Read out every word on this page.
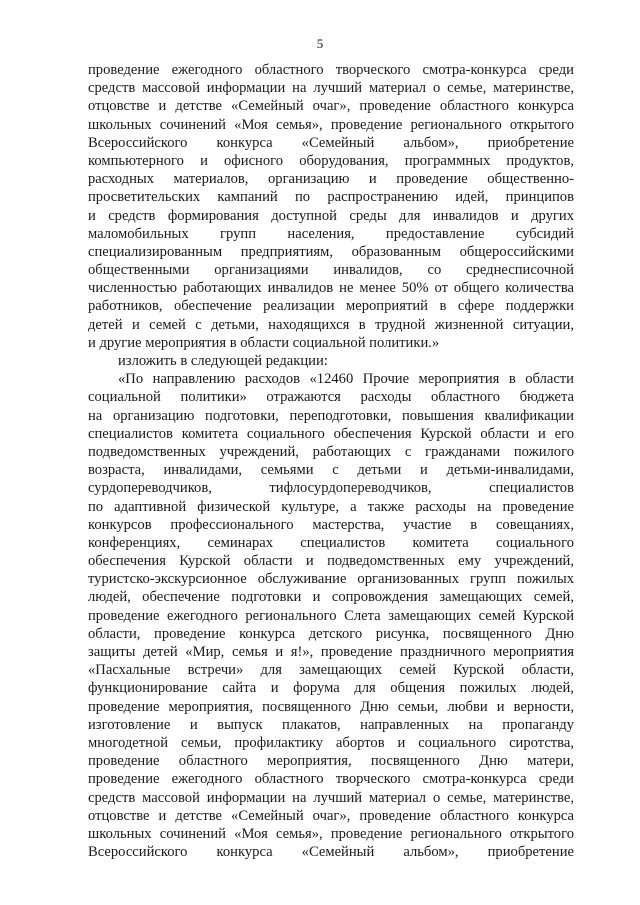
5
проведение ежегодного областного творческого смотра-конкурса среди
средств массовой информации на лучший материал о семье, материнстве,
отцовстве и детстве «Семейный очаг», проведение областного конкурса
школьных сочинений «Моя семья», проведение регионального открытого
Всероссийского конкурса «Семейный альбом», приобретение
компьютерного и офисного оборудования, программных продуктов,
расходных материалов, организацию и проведение общественно-
просветительских кампаний по распространению идей, принципов
и средств формирования доступной среды для инвалидов и других
маломобильных групп населения, предоставление субсидий
специализированным предприятиям, образованным общероссийскими
общественными организациями инвалидов, со среднесписочной
численностью работающих инвалидов не менее 50% от общего количества
работников, обеспечение реализации мероприятий в сфере поддержки
детей и семей с детьми, находящихся в трудной жизненной ситуации,
и другие мероприятия в области социальной политики.»
изложить в следующей редакции:
«По направлению расходов «12460 Прочие мероприятия в области
социальной политики» отражаются расходы областного бюджета
на организацию подготовки, переподготовки, повышения квалификации
специалистов комитета социального обеспечения Курской области и его
подведомственных учреждений, работающих с гражданами пожилого
возраста, инвалидами, семьями с детьми и детьми-инвалидами,
сурдопереводчиков, тифлосурдопереводчиков, специалистов
по адаптивной физической культуре, а также расходы на проведение
конкурсов профессионального мастерства, участие в совещаниях,
конференциях, семинарах специалистов комитета социального
обеспечения Курской области и подведомственных ему учреждений,
туристско-экскурсионное обслуживание организованных групп пожилых
людей, обеспечение подготовки и сопровождения замещающих семей,
проведение ежегодного регионального Слета замещающих семей Курской
области, проведение конкурса детского рисунка, посвященного Дню
защиты детей «Мир, семья и я!», проведение праздничного мероприятия
«Пасхальные встречи» для замещающих семей Курской области,
функционирование сайта и форума для общения пожилых людей,
проведение мероприятия, посвященного Дню семьи, любви и верности,
изготовление и выпуск плакатов, направленных на пропаганду
многодетной семьи, профилактику абортов и социального сиротства,
проведение областного мероприятия, посвященного Дню матери,
проведение ежегодного областного творческого смотра-конкурса среди
средств массовой информации на лучший материал о семье, материнстве,
отцовстве и детстве «Семейный очаг», проведение областного конкурса
школьных сочинений «Моя семья», проведение регионального открытого
Всероссийского конкурса «Семейный альбом», приобретение
